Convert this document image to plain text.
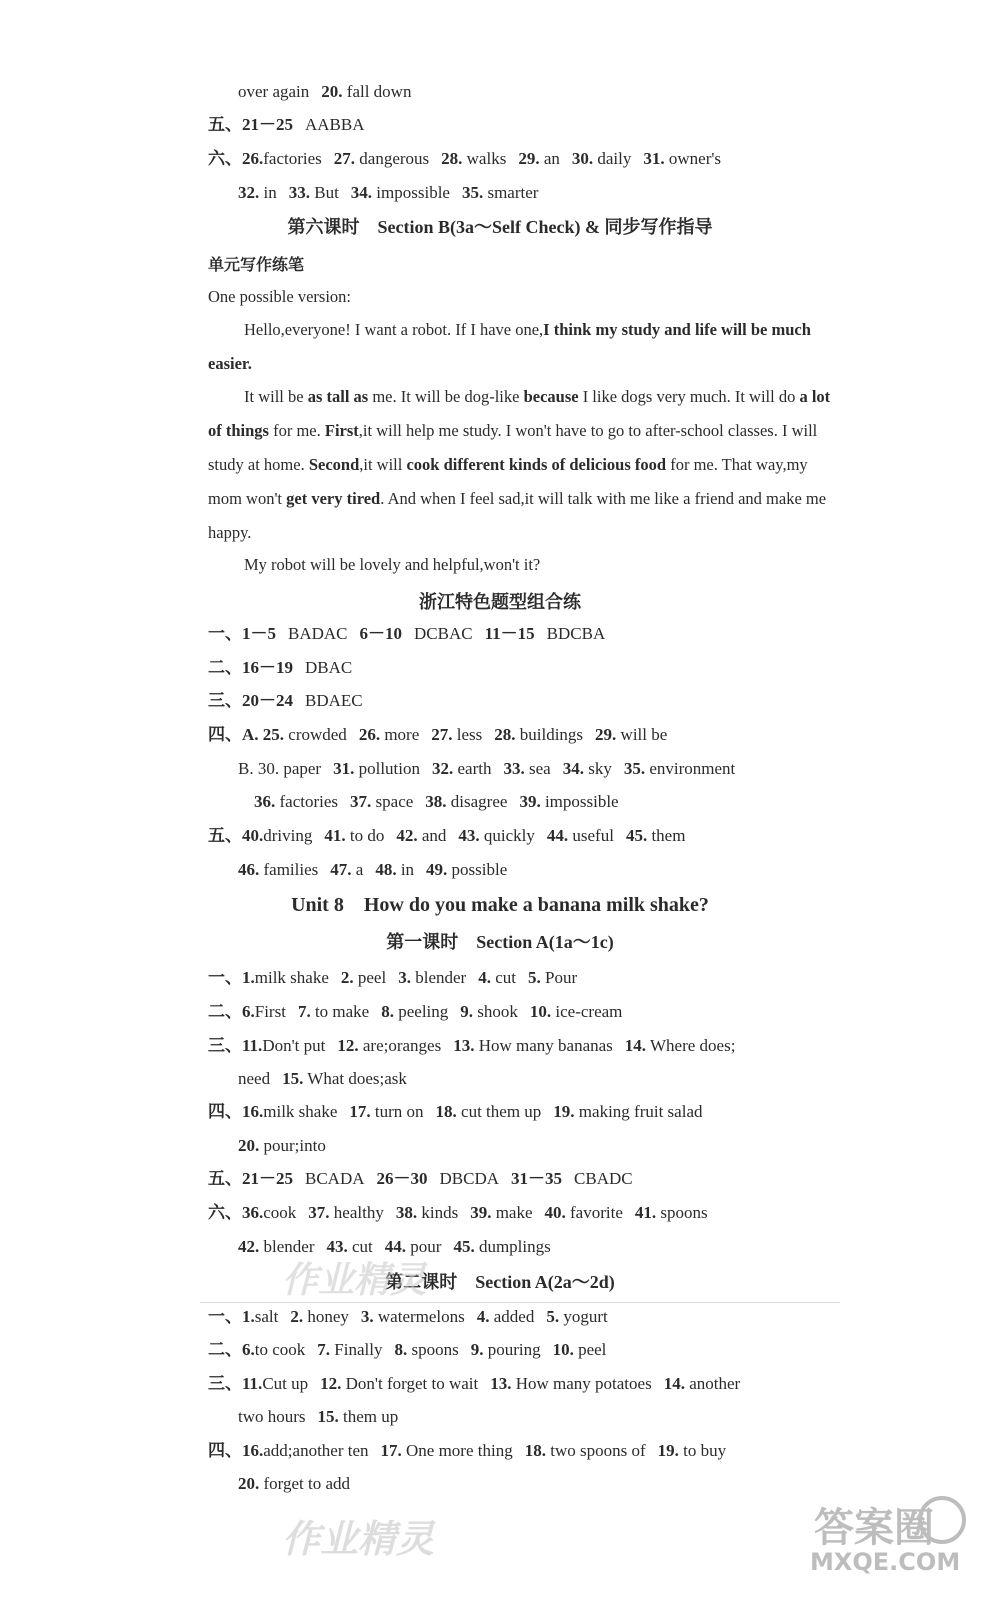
over again 20. fall down
五、21－25 AABBA
六、26.factories 27. dangerous 28. walks 29. an 30. daily 31. owner's
32. in 33. But 34. impossible 35. smarter
第六课时　Section B(3a～Self Check) & 同步写作指导
单元写作练笔
One possible version:
Hello,everyone! I want a robot. If I have one,I think my study and life will be much easier.
It will be as tall as me. It will be dog-like because I like dogs very much. It will do a lot of things for me. First,it will help me study. I won't have to go to after-school classes. I will study at home. Second,it will cook different kinds of delicious food for me. That way,my mom won't get very tired. And when I feel sad,it will talk with me like a friend and make me happy.
My robot will be lovely and helpful,won't it?
浙江特色题型组合练
一、1－5 BADAC 6－10 DCBAC 11－15 BDCBA
二、16－19 DBAC
三、20－24 BDAEC
四、A. 25. crowded 26. more 27. less 28. buildings 29. will be
B. 30. paper 31. pollution 32. earth 33. sea 34. sky 35. environment
36. factories 37. space 38. disagree 39. impossible
五、40.driving 41. to do 42. and 43. quickly 44. useful 45. them
46. families 47. a 48. in 49. possible
Unit 8　How do you make a banana milk shake?
第一课时　Section A(1a～1c)
一、1.milk shake 2. peel 3. blender 4. cut 5. Pour
二、6.First 7. to make 8. peeling 9. shook 10. ice-cream
三、11.Don't put 12. are;oranges 13. How many bananas 14. Where does;
need 15. What does;ask
四、16.milk shake 17. turn on 18. cut them up 19. making fruit salad
20. pour;into
五、21－25 BCADA 26－30 DBCDA 31－35 CBADC
六、36.cook 37. healthy 38. kinds 39. make 40. favorite 41. spoons
42. blender 43. cut 44. pour 45. dumplings
第二课时　Section A(2a～2d)
一、1.salt 2. honey 3. watermelons 4. added 5. yogurt
二、6.to cook 7. Finally 8. spoons 9. pouring 10. peel
三、11.Cut up 12. Don't forget to wait 13. How many potatoes 14. another
two hours 15. them up
四、16.add;another ten 17. One more thing 18. two spoons of 19. to buy
20. forget to add
作业精灵
作业精灵	答案圈
MXQE.COM
